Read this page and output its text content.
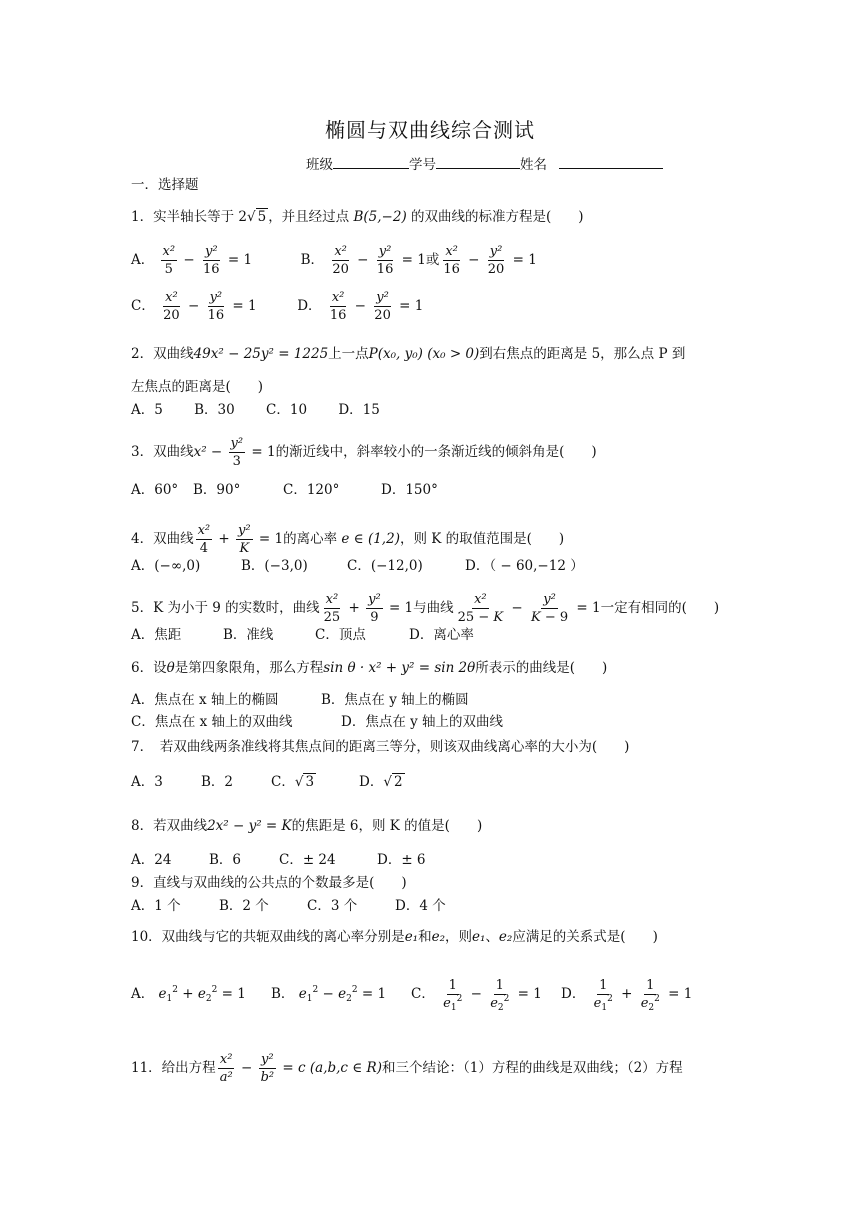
椭圆与双曲线综合测试
班级	学号	姓名
一．选择题
1．实半轴长等于 2√ 5 ，并且经过点 B(5,−2) 的双曲线的标准方程是(　　)
A． $\frac{\text{x²}}{5} - \frac{\text{y²}}{16} = 1$	B． $\frac{\text{x²}}{20} - \frac{\text{y²}}{16} = 1$或 $\frac{\text{x²}}{16} - \frac{\text{y²}}{20} = 1$
C． $\frac{\text{x²}}{20} - \frac{\text{y²}}{16} = 1$	D． $\frac{\text{x²}}{16} - \frac{\text{y²}}{20} = 1$
2．双曲线49x² − 25y² = 1225上一点P(x₀, y₀) (x₀ > 0)到右焦点的距离是 5，那么点 P 到
左焦点的距离是(　　)
A．5　　 B．30　　 C．10　　 D．15
3．双曲线$x^2 - \frac{\text{y²}}{3} = 1$的渐近线中，斜率较小的一条渐近线的倾斜角是(　　)
A．60° B．90°	C．120°	D．150°
4．双曲线 $\frac{\text{x²}}{4} + \frac{\text{y²}}{K} = 1$的离心率 e ∈ (1,2)，则 K 的取值范围是(　　)
A．(−∞,0)	B．(−3,0)	C．(−12,0)	D．（ − 60,−12 ）
5．K 为小于 9 的实数时，曲线 $\frac{\text{x²}}{25} + \frac{\text{y²}}{9} = 1$与曲线 $\frac{\text{x²}}{25 - K} - \frac{\text{y²}}{K - 9} = 1$一定有相同的(　　)
A．焦距	B．准线	C．顶点	D．离心率
6．设θ是第四象限角，那么方程sin θ · x² + y² = sin 2θ所表示的曲线是(　　)
A．焦点在 x 轴上的椭圆	B．焦点在 y 轴上的椭圆
C．焦点在 x 轴上的双曲线	D．焦点在 y 轴上的双曲线
7．　若双曲线两条准线将其焦点间的距离三等分，则该双曲线离心率的大小为(　　)
A．3	B．2	C．√ 3	D．√ 2
8．若双曲线2x² − y² = K的焦距是 6，则 K 的值是(　　)
A．24	B．6	C．± 24	D．± 6
9．直线与双曲线的公共点的个数最多是(　　)
A．1 个	B．2 个	C．3 个	D．4 个
10．双曲线与它的共轭双曲线的离心率分别是e₁和e₂，则e₁、e₂应满足的关系式是(　　)
A． $e_1^2 + e_2^2 = 1$ B． $e_1^2 - e_2^2 = 1$ C． $\frac{1}{e_1^2} - \frac{1}{e_2^2} = 1$ D． $\frac{1}{e_1^2} + \frac{1}{e_2^2} = 1$
11．给出方程 $\frac{\text{x²}}{\text{a²}} - \frac{\text{y²}}{\text{b²}} = c$ (a,b,c ∈ R)和三个结论：（1）方程的曲线是双曲线；（2）方程
